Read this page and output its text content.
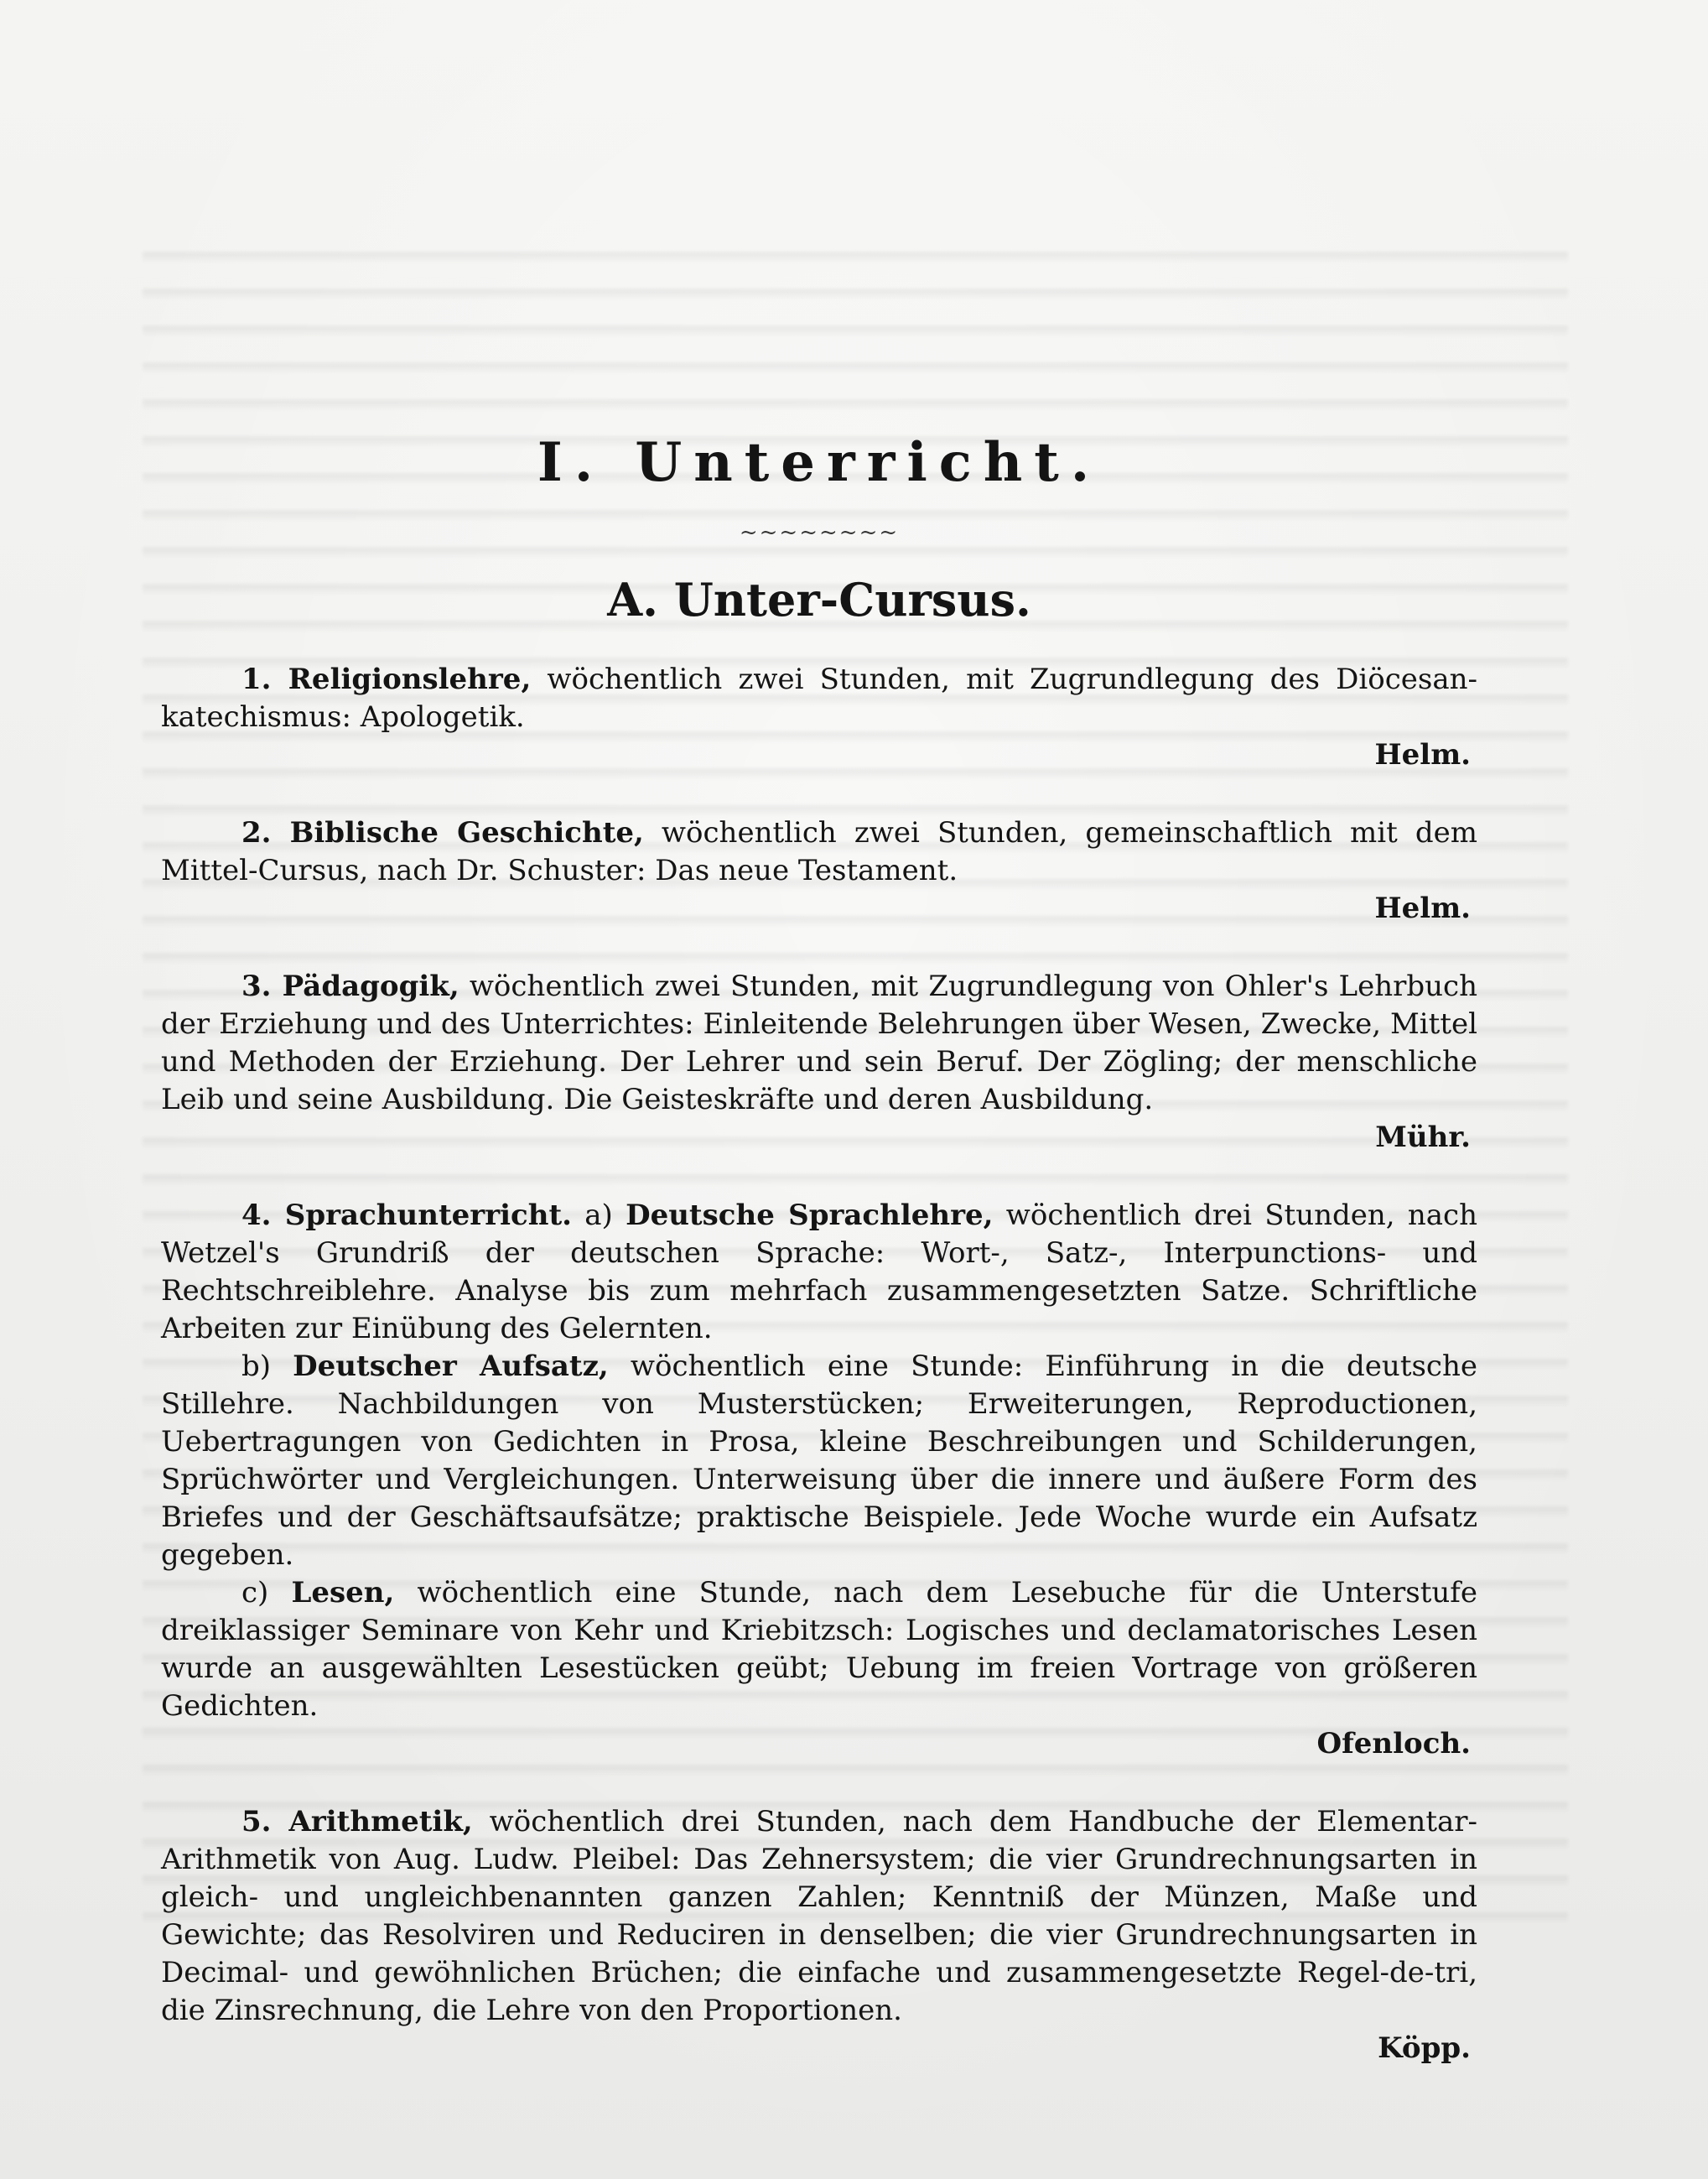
I. Unterricht.
~~~~~~~~
A. Unter-Cursus.

1. Religionslehre, wöchentlich zwei Stunden, mit Zugrundlegung des Diöcesan-katechismus: Apologetik.

Helm.

2. Biblische Geschichte, wöchentlich zwei Stunden, gemeinschaftlich mit dem Mittel-Cursus, nach Dr. Schuster: Das neue Testament.

Helm.

3. Pädagogik, wöchentlich zwei Stunden, mit Zugrundlegung von Ohler's Lehrbuch der Erziehung und des Unterrichtes: Einleitende Belehrungen über Wesen, Zwecke, Mittel und Methoden der Erziehung. Der Lehrer und sein Beruf. Der Zögling; der menschliche Leib und seine Ausbildung. Die Geisteskräfte und deren Ausbildung.

Mühr.

4. Sprachunterricht. a) Deutsche Sprachlehre, wöchentlich drei Stunden, nach Wetzel's Grundriß der deutschen Sprache: Wort-, Satz-, Interpunctions- und Rechtschreiblehre. Analyse bis zum mehrfach zusammengesetzten Satze. Schriftliche Arbeiten zur Einübung des Gelernten.

b) Deutscher Aufsatz, wöchentlich eine Stunde: Einführung in die deutsche Stillehre. Nachbildungen von Musterstücken; Erweiterungen, Reproductionen, Uebertragungen von Gedichten in Prosa, kleine Beschreibungen und Schilderungen, Sprüchwörter und Vergleichungen. Unterweisung über die innere und äußere Form des Briefes und der Geschäftsaufsätze; praktische Beispiele. Jede Woche wurde ein Aufsatz gegeben.

c) Lesen, wöchentlich eine Stunde, nach dem Lesebuche für die Unterstufe dreiklassiger Seminare von Kehr und Kriebitzsch: Logisches und declamatorisches Lesen wurde an ausgewählten Lesestücken geübt; Uebung im freien Vortrage von größeren Gedichten.

Ofenloch.

5. Arithmetik, wöchentlich drei Stunden, nach dem Handbuche der Elementar-Arithmetik von Aug. Ludw. Pleibel: Das Zehnersystem; die vier Grundrechnungsarten in gleich- und ungleichbenannten ganzen Zahlen; Kenntniß der Münzen, Maße und Gewichte; das Resolviren und Reduciren in denselben; die vier Grundrechnungsarten in Decimal- und gewöhnlichen Brüchen; die einfache und zusammengesetzte Regel-de-tri, die Zinsrechnung, die Lehre von den Proportionen.

Köpp.
